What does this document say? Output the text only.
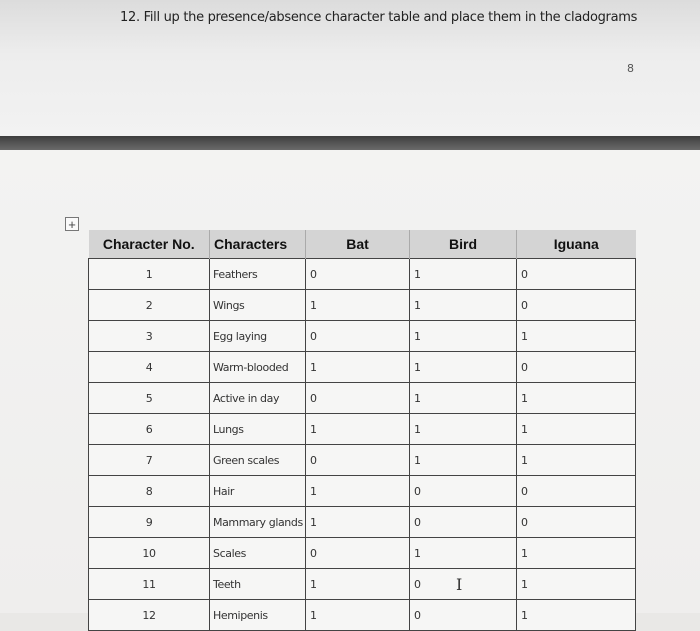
12. Fill up the presence/absence character table and place them in the cladograms
8
+
Character No.	Characters	Bat	Bird	Iguana
1	Feathers	0	1	0
2	Wings	1	1	0
3	Egg laying	0	1	1
4	Warm-blooded	1	1	0
5	Active in day	0	1	1
6	Lungs	1	1	1
7	Green scales	0	1	1
8	Hair	1	0	0
9	Mammary glands	1	0	0
10	Scales	0	1	1
11	Teeth	1	0	1
12	Hemipenis	1	0	1
I
